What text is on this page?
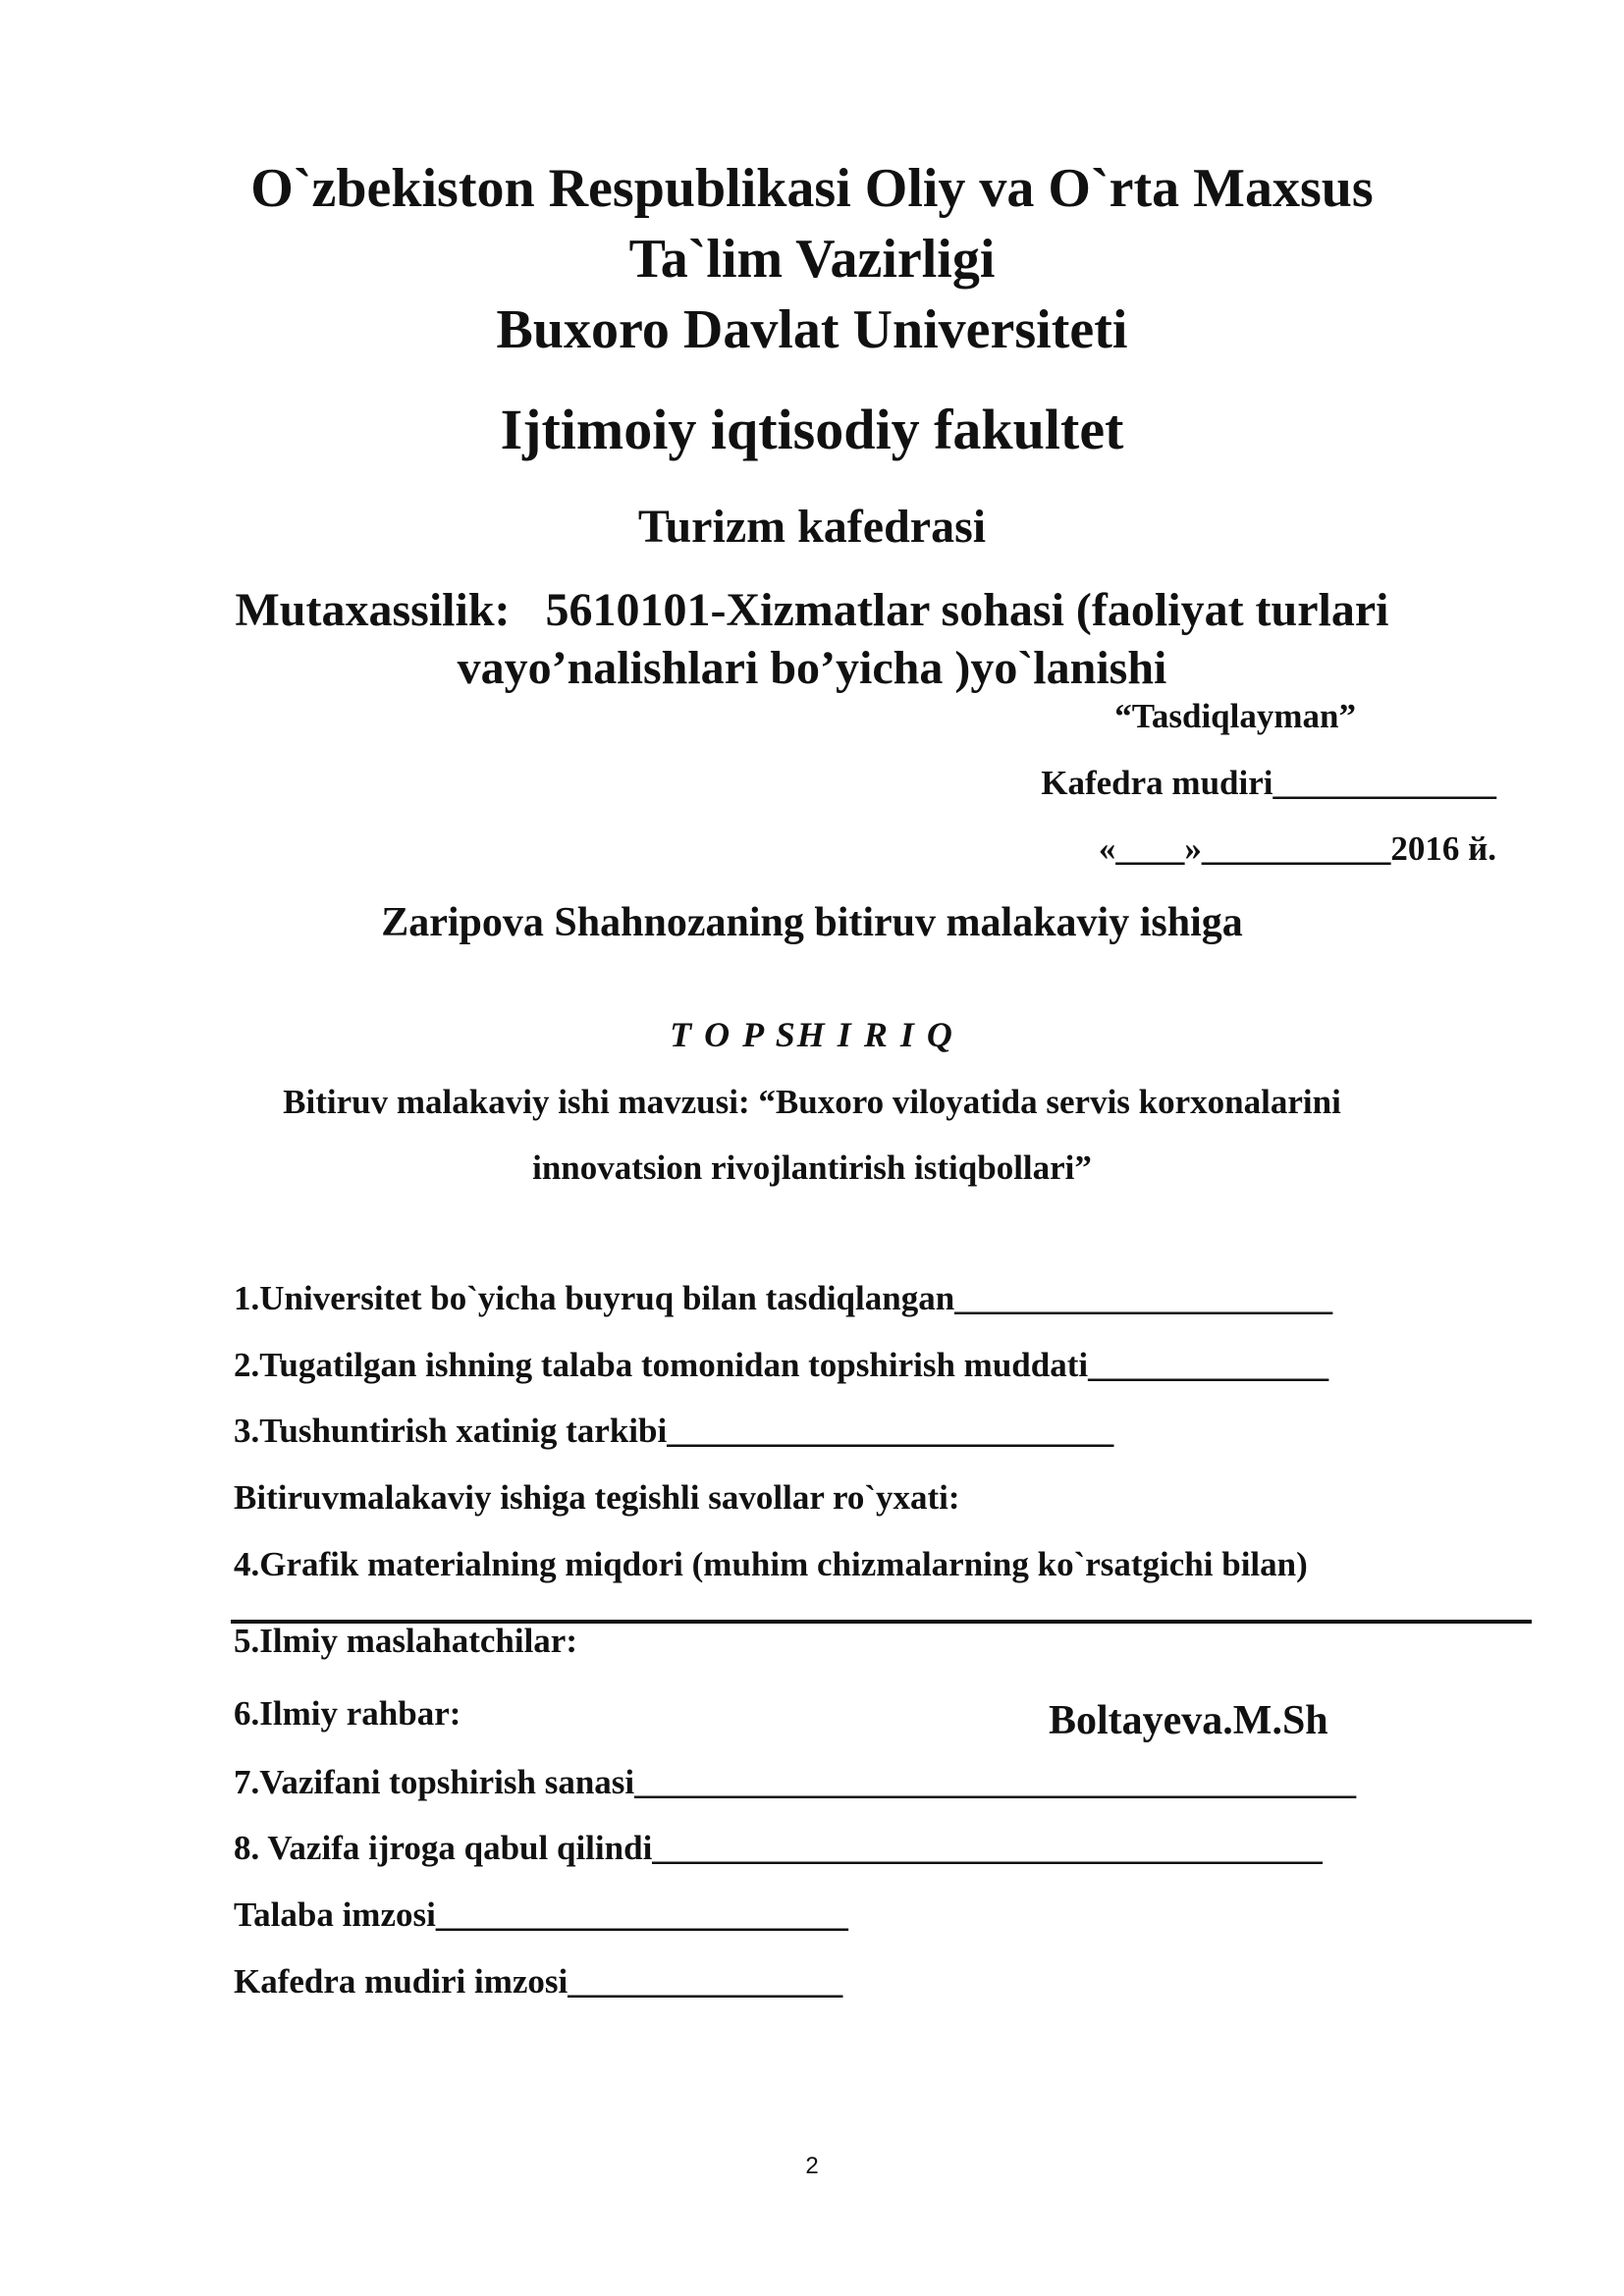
O`zbekiston Respublikasi Oliy va O`rta Maxsus
Ta`lim Vazirligi
Buxoro Davlat Universiteti
Ijtimoiy iqtisodiy fakultet
Turizm kafedrasi
Mutaxassilik:   5610101-Xizmatlar sohasi (faoliyat turlari
vayo’nalishlari bo’yicha )yo`lanishi
“Tasdiqlayman”
Kafedra mudiri_____________
«____»___________2016 й.
Zaripova Shahnozaning bitiruv malakaviy ishiga
T O P SH I R I Q
Bitiruv malakaviy ishi mavzusi: “Buxoro viloyatida servis korxonalarini
innovatsion rivojlantirish istiqbollari”
1.Universitet bo`yicha buyruq bilan tasdiqlangan______________________
2.Tugatilgan ishning talaba tomonidan topshirish muddati______________
3.Tushuntirish xatinig tarkibi__________________________
Bitiruvmalakaviy ishiga tegishli savollar ro`yxati:
4.Grafik materialning miqdori (muhim chizmalarning ko`rsatgichi bilan)
5.Ilmiy maslahatchilar:
6.Ilmiy rahbar:	Boltayeva.M.Sh
7.Vazifani topshirish sanasi__________________________________________
8. Vazifa ijroga qabul qilindi_______________________________________
Talaba imzosi________________________
Kafedra mudiri imzosi________________
2
